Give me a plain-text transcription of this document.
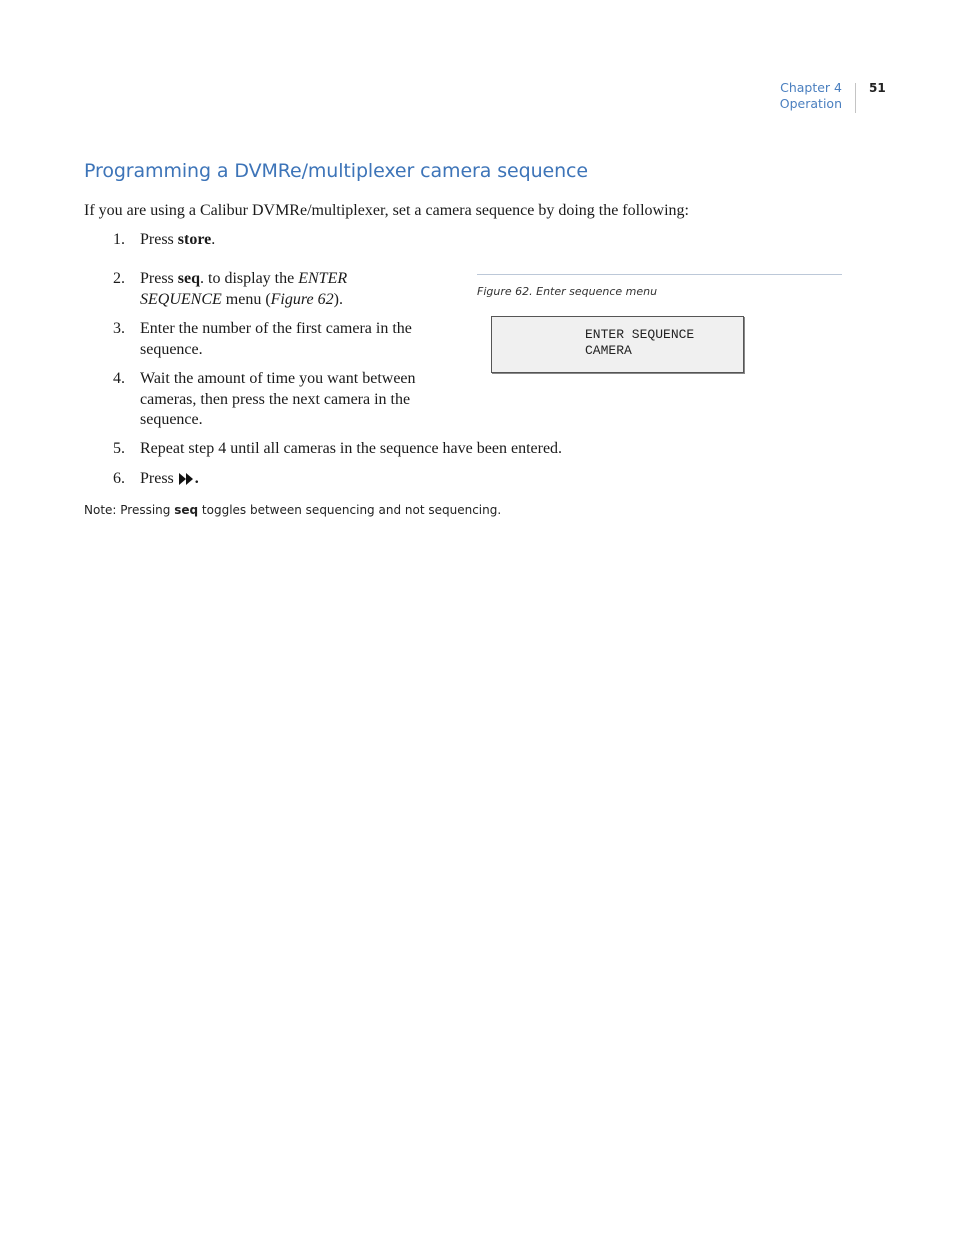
Chapter 4
Operation
51
Programming a DVMRe/multiplexer camera sequence

If you are using a Calibur DVMRe/multiplexer, set a camera sequence by doing the following:

1. Press store.
2. Press seq. to display the ENTER
SEQUENCE menu (Figure 62).
3. Enter the number of the first camera in the
sequence.
4. Wait the amount of time you want between
cameras, then press the next camera in the
sequence.
5. Repeat step 4 until all cameras in the sequence have been entered.
6. Press .
Figure 62. Enter sequence menu
ENTER SEQUENCE
CAMERA
Note: Pressing seq toggles between sequencing and not sequencing.
